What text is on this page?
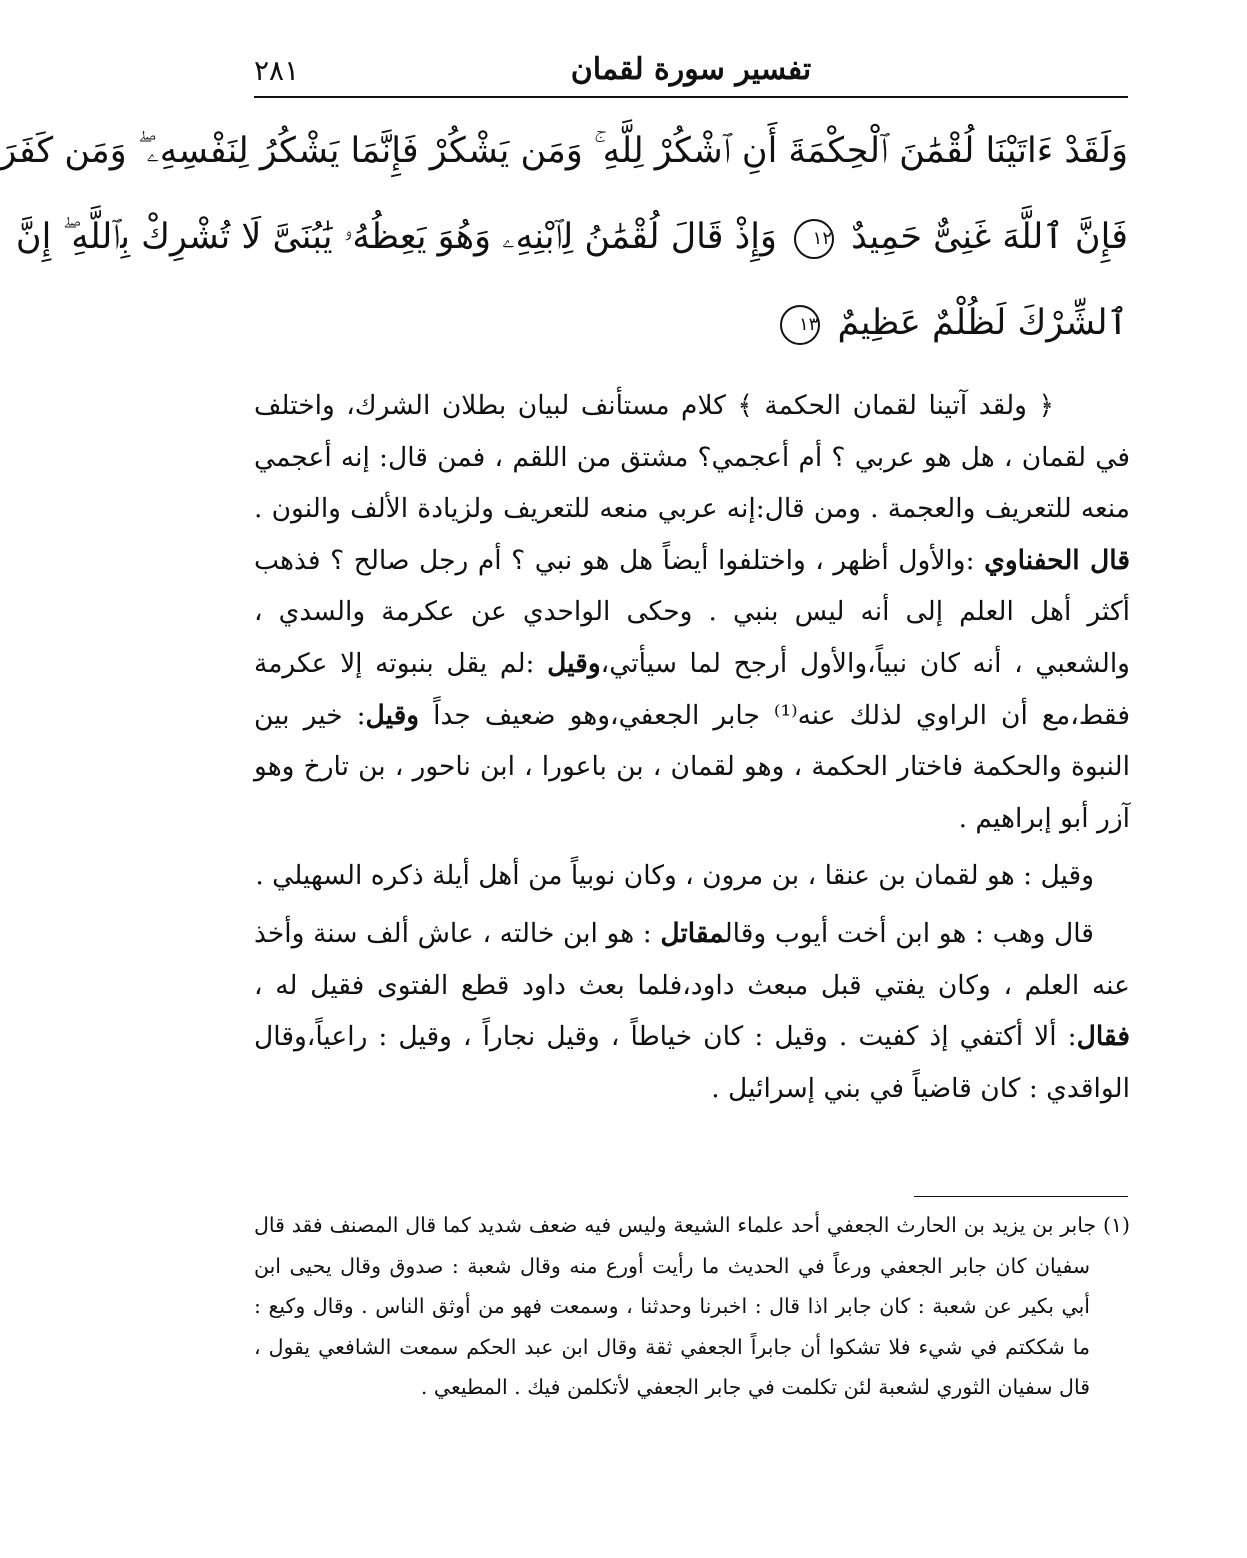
٢٨١	تفسير سورة لقمان
وَلَقَدْ ءَاتَيْنَا لُقْمَٰنَ ٱلْحِكْمَةَ أَنِ ٱشْكُرْ لِلَّهِ ۚ وَمَن يَشْكُرْ فَإِنَّمَا يَشْكُرُ لِنَفْسِهِۦ ۖ وَمَن كَفَرَ
فَإِنَّ ٱللَّهَ غَنِىٌّ حَمِيدٌ ١٢ وَإِذْ قَالَ لُقْمَٰنُ لِٱبْنِهِۦ وَهُوَ يَعِظُهُۥ يَٰبُنَىَّ لَا تُشْرِكْ بِٱللَّهِ ۖ إِنَّ
ٱلشِّرْكَ لَظُلْمٌ عَظِيمٌ ١٣

﴿ ولقد آتينا لقمان الحكمة ﴾ كلام مستأنف لبيان بطلان الشرك، واختلف في لقمان ، هل هو عربي ؟ أم أعجمي؟ مشتق من اللقم ، فمن قال: إنه أعجمي منعه للتعريف والعجمة . ومن قال:إنه عربي منعه للتعريف ولزيادة الألف والنون . قال الحفناوي :والأول أظهر ، واختلفوا أيضاً هل هو نبي ؟ أم رجل صالح ؟ فذهب أكثر أهل العلم إلى أنه ليس بنبي . وحكى الواحدي عن عكرمة والسدي ، والشعبي ، أنه كان نبياً،والأول أرجح لما سيأتي،وقيل :لم يقل بنبوته إلا عكرمة فقط،مع أن الراوي لذلك عنه⁽¹⁾ جابر الجعفي،وهو ضعيف جداً وقيل: خير بين النبوة والحكمة فاختار الحكمة ، وهو لقمان ، بن باعورا ، ابن ناحور ، بن تارخ وهو آزر أبو إبراهيم .

وقيل : هو لقمان بن عنقا ، بن مرون ، وكان نوبياً من أهل أيلة ذكره السهيلي .

قال وهب : هو ابن أخت أيوب وقالمقاتل : هو ابن خالته ، عاش ألف سنة وأخذ عنه العلم ، وكان يفتي قبل مبعث داود،فلما بعث داود قطع الفتوى فقيل له ، فقال: ألا أكتفي إذ كفيت . وقيل : كان خياطاً ، وقيل نجاراً ، وقيل : راعياً،وقال الواقدي : كان قاضياً في بني إسرائيل .

(١) جابر بن يزيد بن الحارث الجعفي أحد علماء الشيعة وليس فيه ضعف شديد كما قال المصنف فقد قال سفيان كان جابر الجعفي ورعاً في الحديث ما رأيت أورع منه وقال شعبة : صدوق وقال يحيى ابن أبي بكير عن شعبة : كان جابر اذا قال : اخبرنا وحدثنا ، وسمعت فهو من أوثق الناس . وقال وكيع : ما شككتم في شيء فلا تشكوا أن جابراً الجعفي ثقة وقال ابن عبد الحكم سمعت الشافعي يقول ، قال سفيان الثوري لشعبة لئن تكلمت في جابر الجعفي لأتكلمن فيك . المطيعي .
